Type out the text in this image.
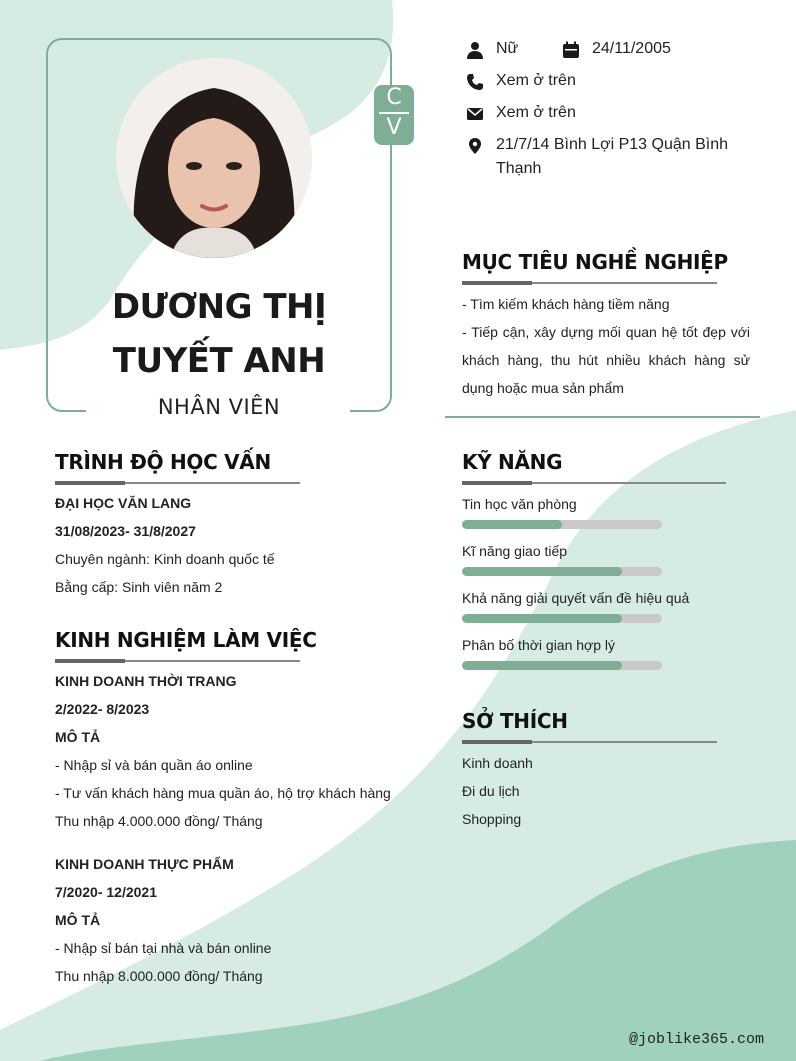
C
V
DƯƠNG THỊ TUYẾT ANH
NHÂN VIÊN
Nữ	24/11/2005
Xem ở trên
Xem ở trên
21/7/14 Bình Lợi P13 Quận Bình Thạnh
MỤC TIÊU NGHỀ NGHIỆP
- Tìm kiếm khách hàng tiềm năng
- Tiếp cận, xây dựng mối quan hệ tốt đẹp với khách hàng, thu hút nhiều khách hàng sử dụng hoặc mua sản phẩm
TRÌNH ĐỘ HỌC VẤN
ĐẠI HỌC VĂN LANG
31/08/2023- 31/8/2027
Chuyên ngành: Kinh doanh quốc tế
Bằng cấp: Sinh viên năm 2
KINH NGHIỆM LÀM VIỆC
KINH DOANH THỜI TRANG
2/2022- 8/2023
MÔ TẢ
- Nhập sỉ và bán quần áo online
- Tư vấn khách hàng mua quần áo, hộ trợ khách hàng
Thu nhập 4.000.000 đồng/ Tháng
KINH DOANH THỰC PHẨM
7/2020- 12/2021
MÔ TẢ
- Nhập sỉ bán tại nhà và bán online
Thu nhập 8.000.000 đồng/ Tháng
KỸ NĂNG
Tin học văn phòng
Kĩ năng giao tiếp
Khả năng giải quyết vấn đề hiệu quả
Phân bố thời gian hợp lý
SỞ THÍCH
Kinh doanh
Đi du lịch
Shopping
@joblike365.com
